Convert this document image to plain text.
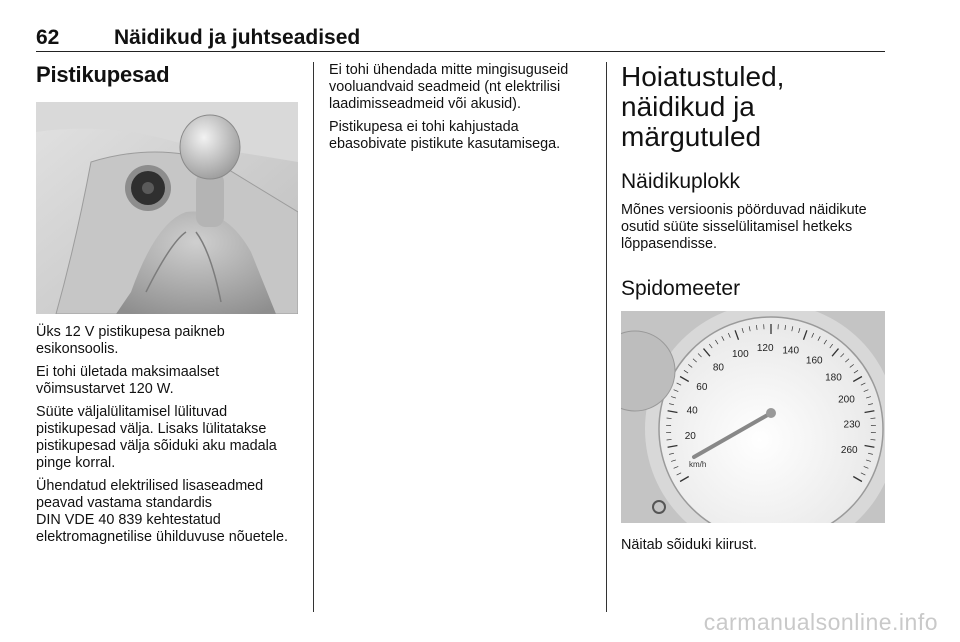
62	Näidikud ja juhtseadised
Pistikupesad

Üks 12 V pistikupesa paikneb esikonsoolis.

Ei tohi ületada maksimaalset võimsustarvet 120 W.

Süüte väljalülitamisel lülituvad pistikupesad välja. Lisaks lülitatakse pistikupesad välja sõiduki aku madala pinge korral.

Ühendatud elektrilised lisaseadmed peavad vastama standardis

DIN VDE 40 839 kehtestatud elektromagnetilise ühilduvuse nõuetele.

Ei tohi ühendada mitte mingisuguseid vooluandvaid seadmeid (nt elektrilisi laadimisseadmeid või akusid).

Pistikupesa ei tohi kahjustada ebasobivate pistikute kasutamisega.

Hoiatustuled, näidikud ja märgutuled
Näidikuplokk

Mõnes versioonis pöörduvad näidikute osutid süüte sisselülitamisel hetkeks lõppasendisse.

Spidomeeter
20
40
60
80
100
120 140
160
180
200
230
260
km/h

Näitab sõiduki kiirust.

carmanualsonline.info
